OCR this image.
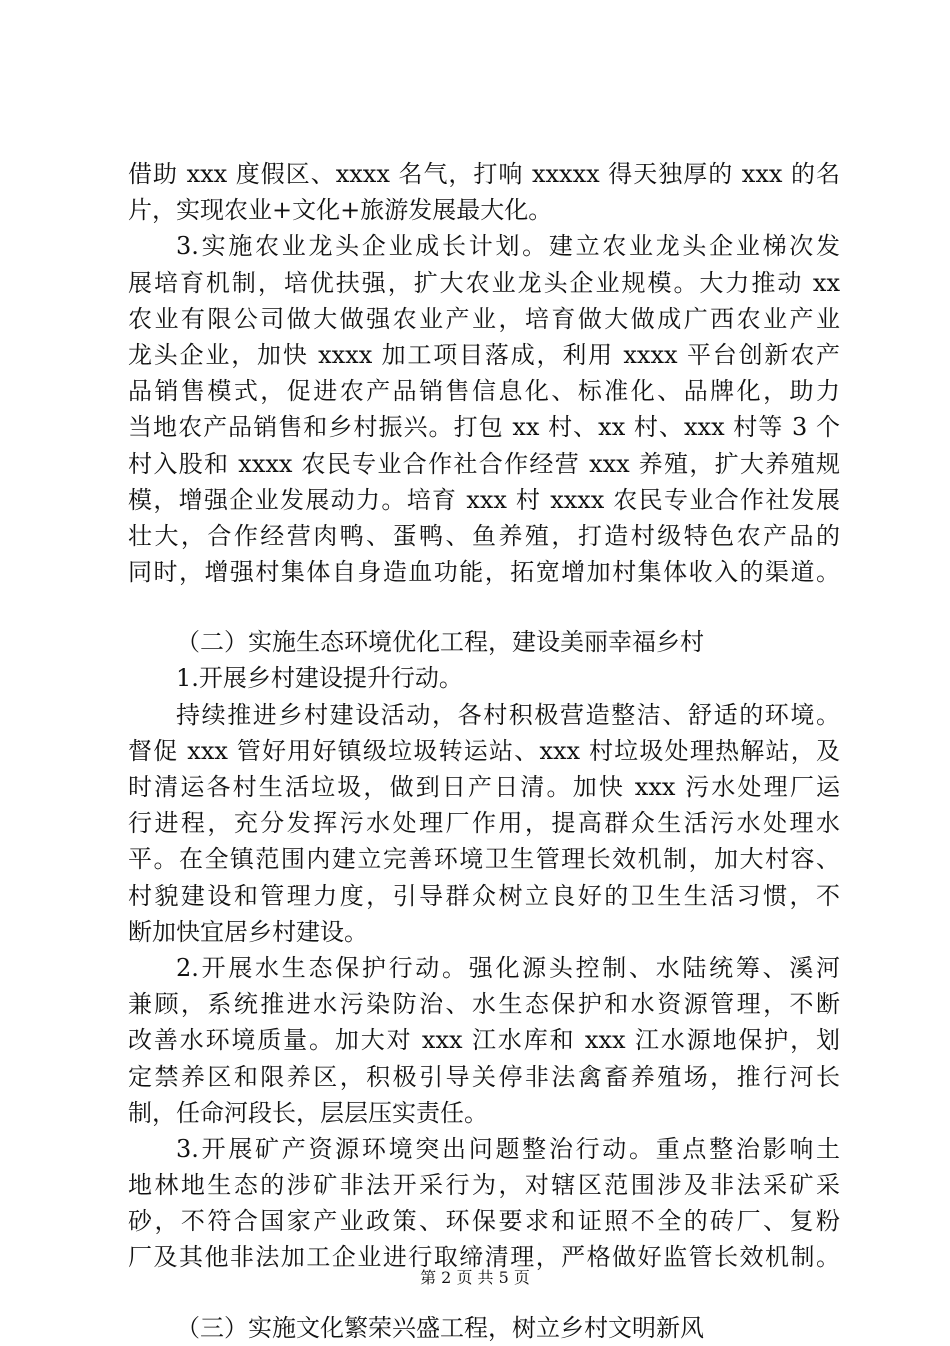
借助 xxx 度假区、xxxx 名气，打响 xxxxx 得天独厚的 xxx 的名
片，实现农业+文化+旅游发展最大化。
3.实施农业龙头企业成长计划。建立农业龙头企业梯次发
展培育机制，培优扶强，扩大农业龙头企业规模。大力推动 xx
农业有限公司做大做强农业产业，培育做大做成广西农业产业
龙头企业，加快 xxxx 加工项目落成，利用 xxxx 平台创新农产
品销售模式，促进农产品销售信息化、标准化、品牌化，助力
当地农产品销售和乡村振兴。打包 xx 村、xx 村、xxx 村等 3 个
村入股和 xxxx 农民专业合作社合作经营 xxx 养殖，扩大养殖规
模，增强企业发展动力。培育 xxx 村 xxxx 农民专业合作社发展
壮大，合作经营肉鸭、蛋鸭、鱼养殖，打造村级特色农产品的
同时，增强村集体自身造血功能，拓宽增加村集体收入的渠道。
（二）实施生态环境优化工程，建设美丽幸福乡村
1.开展乡村建设提升行动。
持续推进乡村建设活动，各村积极营造整洁、舒适的环境。
督促 xxx 管好用好镇级垃圾转运站、xxx 村垃圾处理热解站，及
时清运各村生活垃圾，做到日产日清。加快 xxx 污水处理厂运
行进程，充分发挥污水处理厂作用，提高群众生活污水处理水
平。在全镇范围内建立完善环境卫生管理长效机制，加大村容、
村貌建设和管理力度，引导群众树立良好的卫生生活习惯，不
断加快宜居乡村建设。
2.开展水生态保护行动。强化源头控制、水陆统筹、溪河
兼顾，系统推进水污染防治、水生态保护和水资源管理，不断
改善水环境质量。加大对 xxx 江水库和 xxx 江水源地保护，划
定禁养区和限养区，积极引导关停非法禽畜养殖场，推行河长
制，任命河段长，层层压实责任。
3.开展矿产资源环境突出问题整治行动。重点整治影响土
地林地生态的涉矿非法开采行为，对辖区范围涉及非法采矿采
砂，不符合国家产业政策、环保要求和证照不全的砖厂、复粉
厂及其他非法加工企业进行取缔清理，严格做好监管长效机制。
（三）实施文化繁荣兴盛工程，树立乡村文明新风
第 2 页 共 5 页
